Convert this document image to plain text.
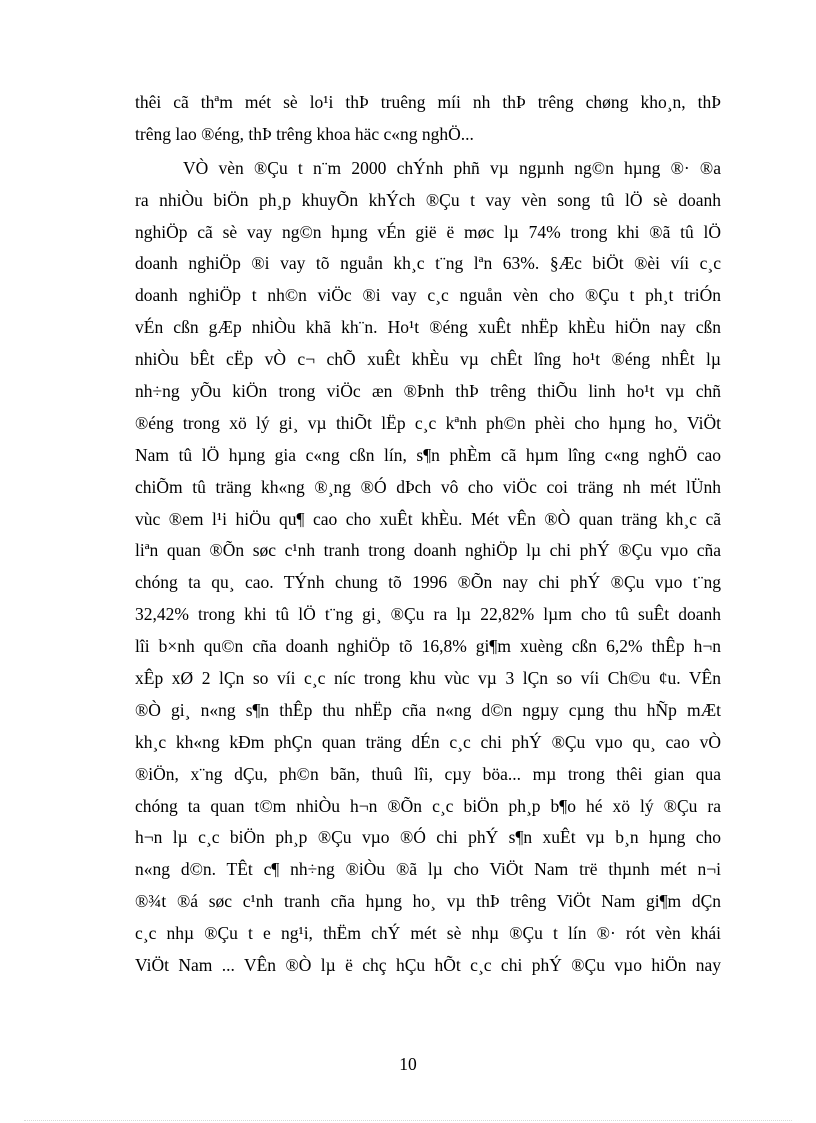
thêi cã thªm mét sè lo¹i thÞ truêng míi nh thÞ trêng chøng kho¸n, thÞ
trêng lao ®éng, thÞ trêng khoa häc c«ng nghÖ...
VÒ vèn ®Çu t n¨m 2000 chÝnh phñ vµ ngµnh ng©n hµng ®· ®a
ra nhiÒu biÖn ph¸p khuyÕn khÝch ®Çu t vay vèn song tû lÖ sè doanh
nghiÖp cã sè vay ng©n hµng vÉn gië ë møc lµ 74% trong khi ®ã tû lÖ
doanh nghiÖp ®i vay tõ nguån kh¸c t¨ng lªn 63%. §Æc biÖt ®èi víi c¸c
doanh nghiÖp t nh©n viÖc ®i vay c¸c nguån vèn cho ®Çu t ph¸t triÓn
vÉn cßn gÆp nhiÒu khã kh¨n. Ho¹t ®éng xuÊt nhËp khÈu hiÖn nay cßn
nhiÒu bÊt cËp vÒ c¬ chÕ xuÊt khÈu vµ chÊt lîng ho¹t ®éng nhÊt lµ
nh÷ng yÕu kiÖn trong viÖc æn ®Þnh thÞ trêng thiÕu linh ho¹t vµ chñ
®éng trong xö lý gi¸ vµ thiÕt lËp c¸c kªnh ph©n phèi cho hµng ho¸ ViÖt
Nam tû lÖ hµng gia c«ng cßn lín, s¶n phÈm cã hµm lîng c«ng nghÖ cao
chiÕm tû träng kh«ng ®¸ng ®Ó dÞch vô cho viÖc coi träng nh mét lÜnh
vùc ®em l¹i hiÖu qu¶ cao cho xuÊt khÈu. Mét vÊn ®Ò quan träng kh¸c cã
liªn quan ®Õn søc c¹nh tranh trong doanh nghiÖp lµ chi phÝ ®Çu vµo cña
chóng ta qu¸ cao. TÝnh chung tõ 1996 ®Õn nay chi phÝ ®Çu vµo t¨ng
32,42% trong khi tû lÖ t¨ng gi¸ ®Çu ra lµ 22,82% lµm cho tû suÊt doanh
lîi b×nh qu©n cña doanh nghiÖp tõ 16,8% gi¶m xuèng cßn 6,2% thÊp h¬n
xÊp xØ 2 lÇn so víi c¸c níc trong khu vùc vµ 3 lÇn so víi Ch©u ¢u. VÊn
®Ò gi¸ n«ng s¶n thÊp thu nhËp cña n«ng d©n ngµy cµng thu hÑp mÆt
kh¸c kh«ng kÐm phÇn quan träng dÉn c¸c chi phÝ ®Çu vµo qu¸ cao vÒ
®iÖn, x¨ng dÇu, ph©n bãn, thuû lîi, cµy böa... mµ trong thêi gian qua
chóng ta quan t©m nhiÒu h¬n ®Õn c¸c biÖn ph¸p b¶o hé xö lý ®Çu ra
h¬n lµ c¸c biÖn ph¸p ®Çu vµo ®Ó chi phÝ s¶n xuÊt vµ b¸n hµng cho
n«ng d©n. TÊt c¶ nh÷ng ®iÒu ®ã lµ cho ViÖt Nam trë thµnh mét n¬i
®¾t ®á søc c¹nh tranh cña hµng ho¸ vµ thÞ trêng ViÖt Nam gi¶m dÇn
c¸c nhµ ®Çu t e ng¹i, thËm chÝ mét sè nhµ ®Çu t lín ®· rót vèn khái
ViÖt Nam ... VÊn ®Ò lµ ë chç hÇu hÕt c¸c chi phÝ ®Çu vµo hiÖn nay
10
